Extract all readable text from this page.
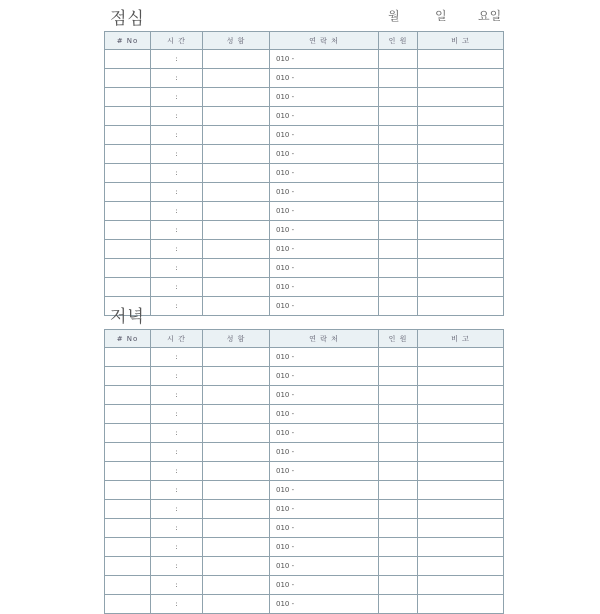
점심	월	일	요일
# No	시 간	성 함	연 락 처	인 원	비 고
	:		010 -		
	:		010 -		
	:		010 -		
	:		010 -		
	:		010 -		
	:		010 -		
	:		010 -		
	:		010 -		
	:		010 -		
	:		010 -		
	:		010 -		
	:		010 -		
	:		010 -		
	:		010 -		
저녁
# No	시 간	성 함	연 락 처	인 원	비 고
	:		010 -		
	:		010 -		
	:		010 -		
	:		010 -		
	:		010 -		
	:		010 -		
	:		010 -		
	:		010 -		
	:		010 -		
	:		010 -		
	:		010 -		
	:		010 -		
	:		010 -		
	:		010 -		
